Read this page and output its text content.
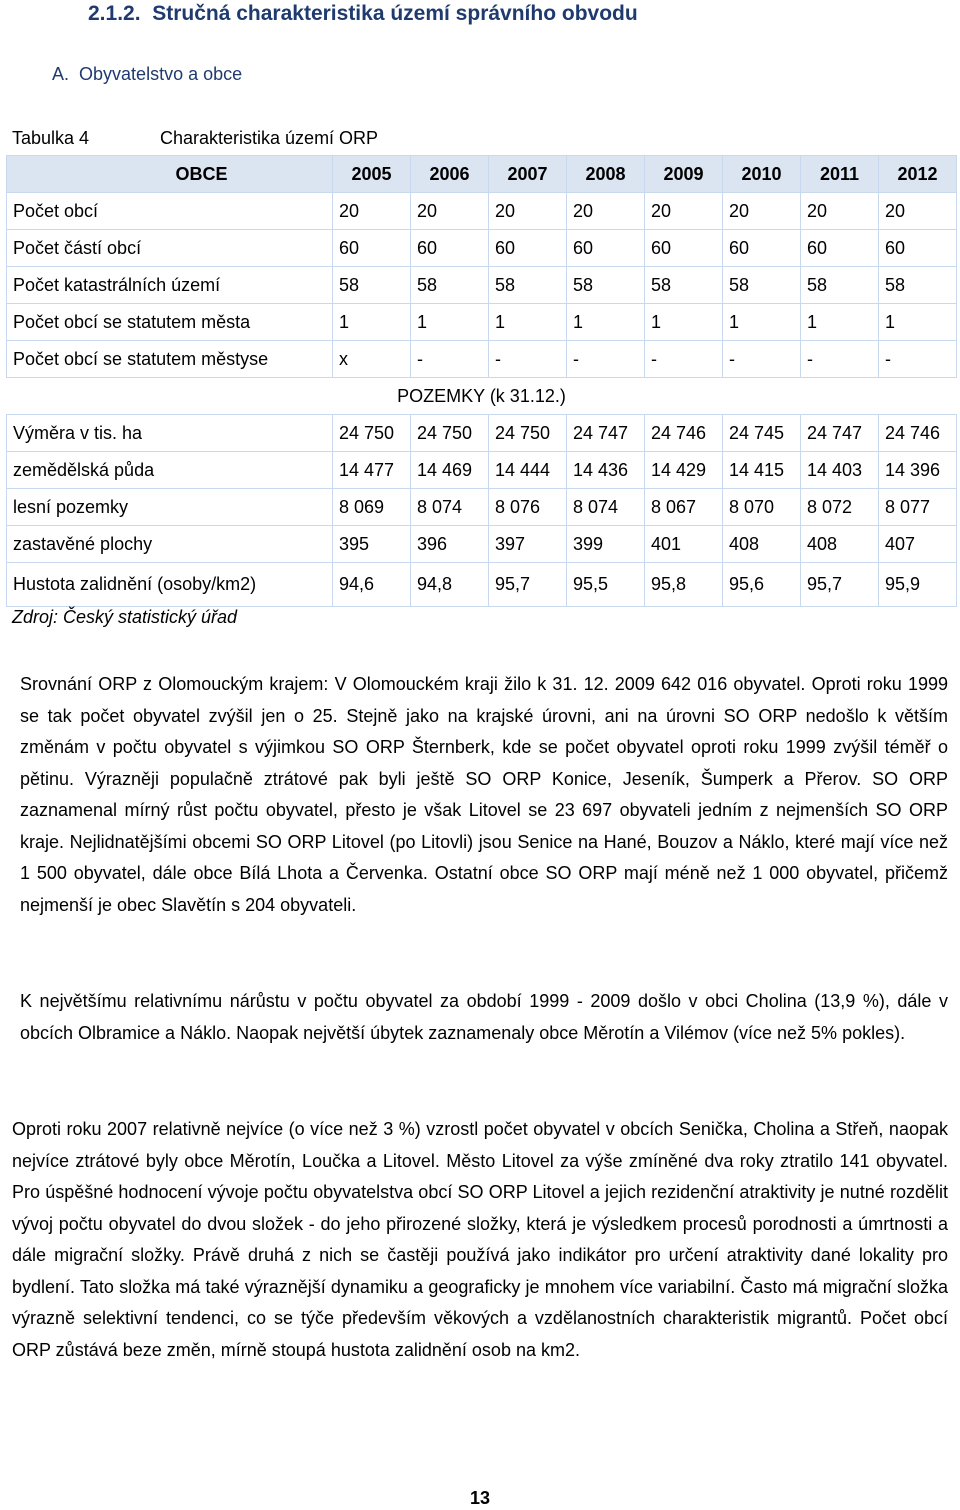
2.1.2. Stručná charakteristika území správního obvodu
A. Obyvatelstvo a obce
Tabulka 4	Charakteristika území ORP
OBCE	2005	2006	2007	2008	2009	2010	2011	2012
Počet obcí	20	20	20	20	20	20	20	20
Počet částí obcí	60	60	60	60	60	60	60	60
Počet katastrálních území	58	58	58	58	58	58	58	58
Počet obcí se statutem města	1	1	1	1	1	1	1	1
Počet obcí se statutem městyse	x	-	-	-	-	-	-	-
POZEMKY (k 31.12.)								
Výměra v tis. ha	24 750	24 750	24 750	24 747	24 746	24 745	24 747	24 746
zemědělská půda	14 477	14 469	14 444	14 436	14 429	14 415	14 403	14 396
lesní pozemky	8 069	8 074	8 076	8 074	8 067	8 070	8 072	8 077
zastavěné plochy	395	396	397	399	401	408	408	407
Hustota zalidnění (osoby/km2)	94,6	94,8	95,7	95,5	95,8	95,6	95,7	95,9
Zdroj: Český statistický úřad
Srovnání ORP z Olomouckým krajem: V Olomouckém kraji žilo k 31. 12. 2009 642 016 obyvatel. Oproti roku 1999 se tak počet obyvatel zvýšil jen o 25. Stejně jako na krajské úrovni, ani na úrovni SO ORP nedošlo k větším změnám v počtu obyvatel s výjimkou SO ORP Šternberk, kde se počet obyvatel oproti roku 1999 zvýšil téměř o pětinu. Výrazněji populačně ztrátové pak byli ještě SO ORP Konice, Jeseník, Šumperk a Přerov. SO ORP zaznamenal mírný růst počtu obyvatel, přesto je však Litovel se 23 697 obyvateli jedním z nejmenších SO ORP kraje. Nejlidnatějšími obcemi SO ORP Litovel (po Litovli) jsou Senice na Hané, Bouzov a Náklo, které mají více než 1 500 obyvatel, dále obce Bílá Lhota a Červenka. Ostatní obce SO ORP mají méně než 1 000 obyvatel, přičemž nejmenší je obec Slavětín s 204 obyvateli.
K největšímu relativnímu nárůstu v počtu obyvatel za období 1999 - 2009 došlo v obci Cholina (13,9 %), dále v obcích Olbramice a Náklo. Naopak největší úbytek zaznamenaly obce Měrotín a Vilémov (více než 5% pokles).
Oproti roku 2007 relativně nejvíce (o více než 3 %) vzrostl počet obyvatel v obcích Senička, Cholina a Střeň, naopak nejvíce ztrátové byly obce Měrotín, Loučka a Litovel. Město Litovel za výše zmíněné dva roky ztratilo 141 obyvatel. Pro úspěšné hodnocení vývoje počtu obyvatelstva obcí SO ORP Litovel a jejich rezidenční atraktivity je nutné rozdělit vývoj počtu obyvatel do dvou složek - do jeho přirozené složky, která je výsledkem procesů porodnosti a úmrtnosti a dále migrační složky. Právě druhá z nich se častěji používá jako indikátor pro určení atraktivity dané lokality pro bydlení. Tato složka má také výraznější dynamiku a geograficky je mnohem více variabilní. Často má migrační složka výrazně selektivní tendenci, co se týče především věkových a vzdělanostních charakteristik migrantů. Počet obcí ORP zůstává beze změn, mírně stoupá hustota zalidnění osob na km2.
13
